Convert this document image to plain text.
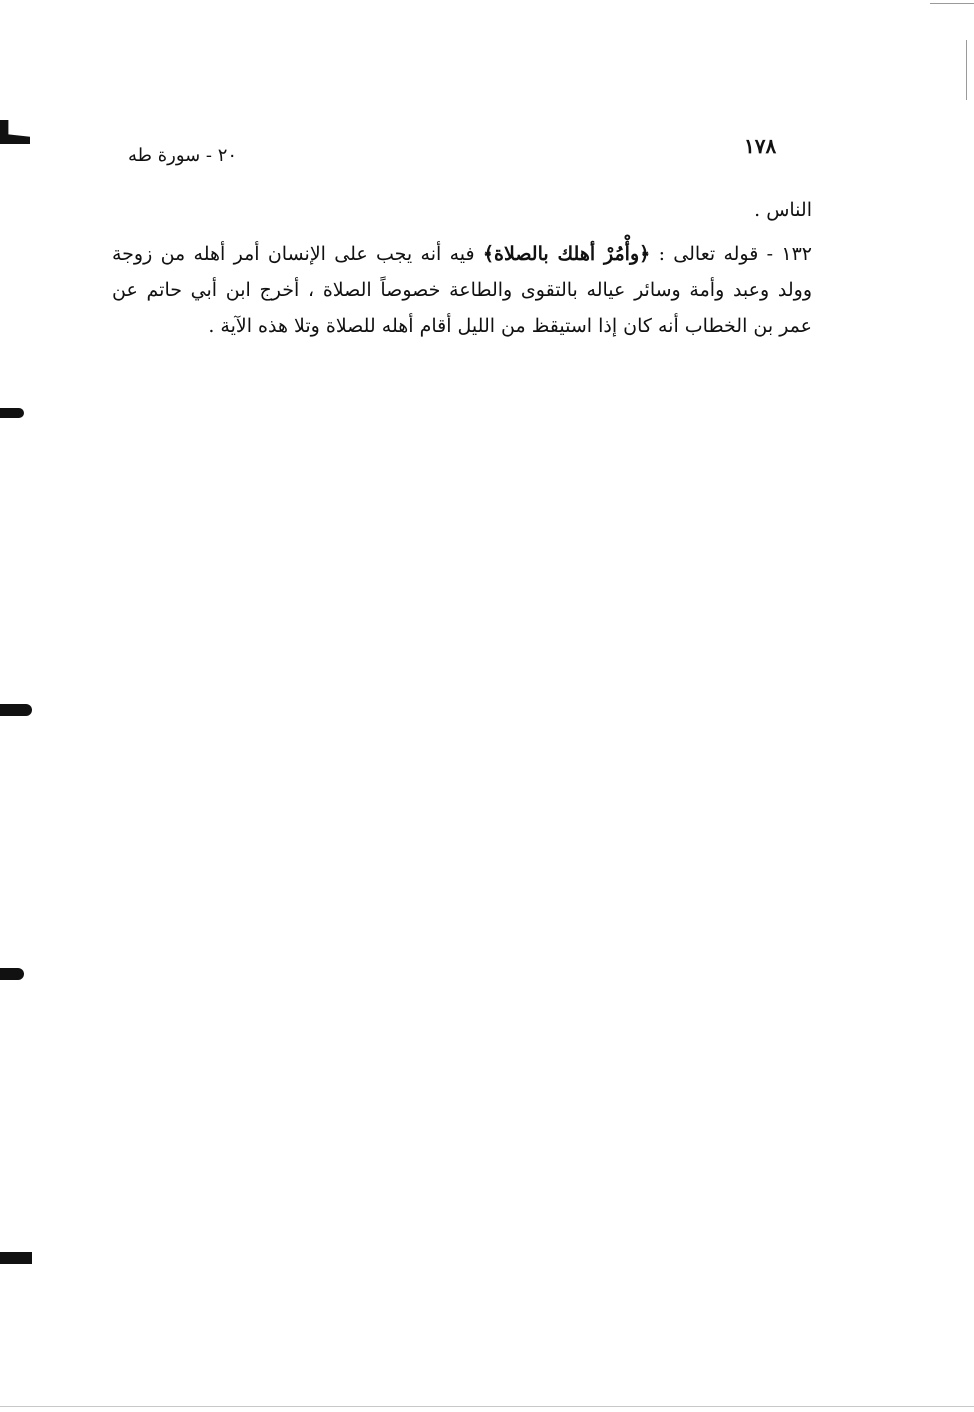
١٧٨
٢٠ - سورة طه

الناس .

١٣٢ - قوله تعالى : ﴿وأْمُرْ أهلك بالصلاة﴾ فيه أنه يجب على الإنسان أمر أهله من زوجة وولد وعبد وأمة وسائر عياله بالتقوى والطاعة خصوصاً الصلاة ، أخرج ابن أبي حاتم عن عمر بن الخطاب أنه كان إذا استيقظ من الليل أقام أهله للصلاة وتلا هذه الآية .
